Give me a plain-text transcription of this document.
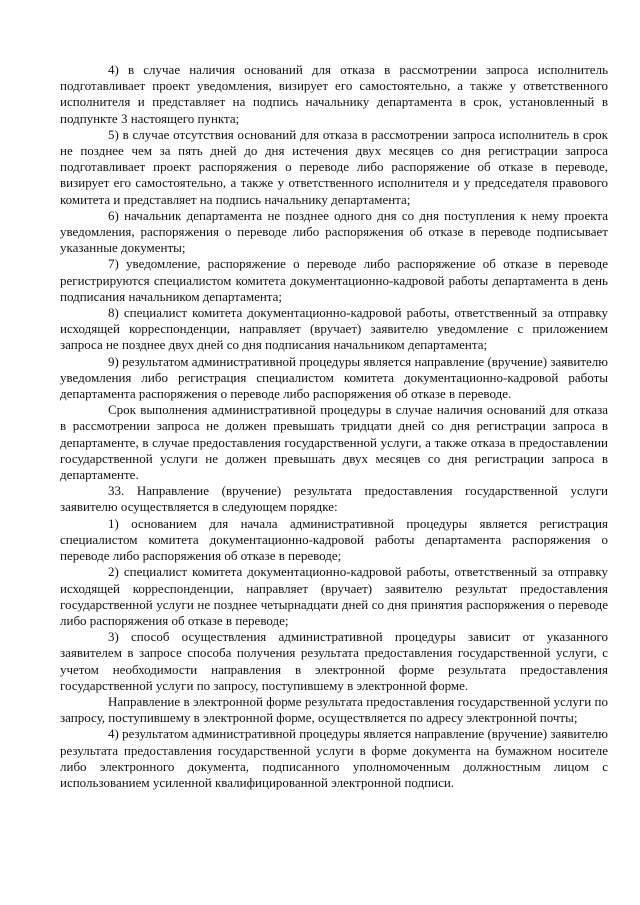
4) в случае наличия оснований для отказа в рассмотрении запроса исполнитель подготавливает проект уведомления, визирует его самостоятельно, а также у ответственного исполнителя и представляет на подпись начальнику департамента в срок, установленный в подпункте 3 настоящего пункта;

5) в случае отсутствия оснований для отказа в рассмотрении запроса исполнитель в срок не позднее чем за пять дней до дня истечения двух месяцев со дня регистрации запроса подготавливает проект распоряжения о переводе либо распоряжение об отказе в переводе, визирует его самостоятельно, а также у ответственного исполнителя и у председателя правового комитета и представляет на подпись начальнику департамента;

6) начальник департамента не позднее одного дня со дня поступления к нему проекта уведомления, распоряжения о переводе либо распоряжения об отказе в переводе подписывает указанные документы;

7) уведомление, распоряжение о переводе либо распоряжение об отказе в переводе регистрируются специалистом комитета документационно-кадровой работы департамента в день подписания начальником департамента;

8) специалист комитета документационно-кадровой работы, ответственный за отправку исходящей корреспонденции, направляет (вручает) заявителю уведомление с приложением запроса не позднее двух дней со дня подписания начальником департамента;

9) результатом административной процедуры является направление (вручение) заявителю уведомления либо регистрация специалистом комитета документационно-кадровой работы департамента распоряжения о переводе либо распоряжения об отказе в переводе.

Срок выполнения административной процедуры в случае наличия оснований для отказа в рассмотрении запроса не должен превышать тридцати дней со дня регистрации запроса в департаменте, в случае предоставления государственной услуги, а также отказа в предоставлении государственной услуги не должен превышать двух месяцев со дня регистрации запроса в департаменте.

33. Направление (вручение) результата предоставления государственной услуги заявителю осуществляется в следующем порядке:

1) основанием для начала административной процедуры является регистрация специалистом комитета документационно-кадровой работы департамента распоряжения о переводе либо распоряжения об отказе в переводе;

2) специалист комитета документационно-кадровой работы, ответственный за отправку исходящей корреспонденции, направляет (вручает) заявителю результат предоставления государственной услуги не позднее четырнадцати дней со дня принятия распоряжения о переводе либо распоряжения об отказе в переводе;

3) способ осуществления административной процедуры зависит от указанного заявителем в запросе способа получения результата предоставления государственной услуги, с учетом необходимости направления в электронной форме результата предоставления государственной услуги по запросу, поступившему в электронной форме.

Направление в электронной форме результата предоставления государственной услуги по запросу, поступившему в электронной форме, осуществляется по адресу электронной почты;

4) результатом административной процедуры является направление (вручение) заявителю результата предоставления государственной услуги в форме документа на бумажном носителе либо электронного документа, подписанного уполномоченным должностным лицом с использованием усиленной квалифицированной электронной подписи.
